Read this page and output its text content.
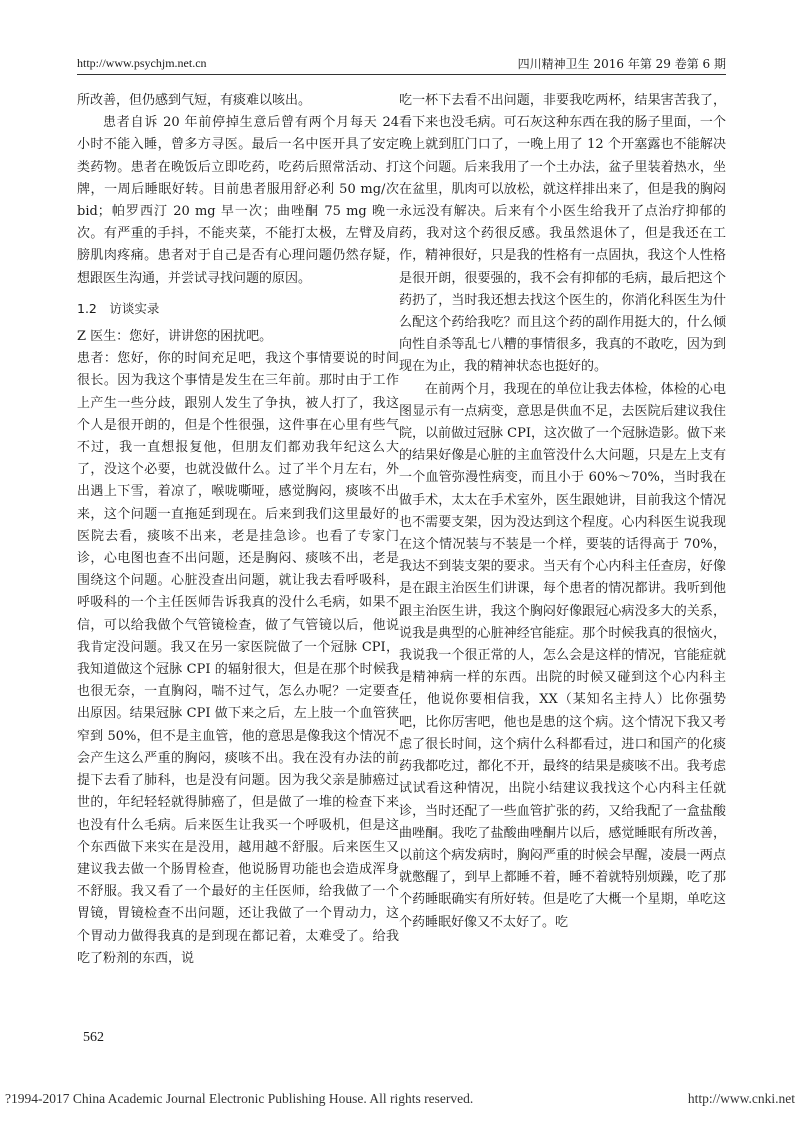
http://www.psychjm.net.cn	四川精神卫生 2016 年第 29 卷第 6 期

所改善，但仍感到气短，有痰难以咳出。

患者自诉 20 年前停掉生意后曾有两个月每天 24 小时不能入睡，曾多方寻医。最后一名中医开具了安定类药物。患者在晚饭后立即吃药，吃药后照常活动、打牌，一周后睡眠好转。目前患者服用舒必利 50 mg/次 bid；帕罗西汀 20 mg 早一次；曲唑酮 75 mg 晚一次。有严重的手抖，不能夹菜，不能打太极，左臂及肩膀肌肉疼痛。患者对于自己是否有心理问题仍然存疑，想跟医生沟通，并尝试寻找问题的原因。

1.2　访谈实录

Z 医生：您好，讲讲您的困扰吧。

患者：您好，你的时间充足吧，我这个事情要说的时间很长。因为我这个事情是发生在三年前。那时由于工作上产生一些分歧，跟别人发生了争执，被人打了，我这个人是很开朗的，但是个性很强，这件事在心里有些气不过，我一直想报复他，但朋友们都劝我年纪这么大了，没这个必要，也就没做什么。过了半个月左右，外出遇上下雪，着凉了，喉咙嘶哑，感觉胸闷，痰咳不出来，这个问题一直拖延到现在。后来到我们这里最好的医院去看，痰咳不出来，老是挂急诊。也看了专家门诊，心电图也查不出问题，还是胸闷、痰咳不出，老是围绕这个问题。心脏没查出问题，就让我去看呼吸科，呼吸科的一个主任医师告诉我真的没什么毛病，如果不信，可以给我做个气管镜检查，做了气管镜以后，他说我肯定没问题。我又在另一家医院做了一个冠脉 CPI，我知道做这个冠脉 CPI 的辐射很大，但是在那个时候我也很无奈，一直胸闷，喘不过气，怎么办呢？一定要查出原因。结果冠脉 CPI 做下来之后，左上肢一个血管狭窄到 50%，但不是主血管，他的意思是像我这个情况不会产生这么严重的胸闷，痰咳不出。我在没有办法的前提下去看了肺科，也是没有问题。因为我父亲是肺癌过世的，年纪轻轻就得肺癌了，但是做了一堆的检查下来也没有什么毛病。后来医生让我买一个呼吸机，但是这个东西做下来实在是没用，越用越不舒服。后来医生又建议我去做一个肠胃检查，他说肠胃功能也会造成浑身不舒服。我又看了一个最好的主任医师，给我做了一个胃镜，胃镜检查不出问题，还让我做了一个胃动力，这个胃动力做得我真的是到现在都记着，太难受了。给我吃了粉剂的东西，说

吃一杯下去看不出问题，非要我吃两杯，结果害苦我了，看下来也没毛病。可石灰这种东西在我的肠子里面，一个晚上就到肛门口了，一晚上用了 12 个开塞露也不能解决这个问题。后来我用了一个土办法，盆子里装着热水，坐在盆里，肌肉可以放松，就这样排出来了，但是我的胸闷永远没有解决。后来有个小医生给我开了点治疗抑郁的药，我对这个药很反感。我虽然退休了，但是我还在工作，精神很好，只是我的性格有一点固执，我这个人性格是很开朗，很要强的，我不会有抑郁的毛病，最后把这个药扔了，当时我还想去找这个医生的，你消化科医生为什么配这个药给我吃？而且这个药的副作用挺大的，什么倾向性自杀等乱七八糟的事情很多，我真的不敢吃，因为到现在为止，我的精神状态也挺好的。

在前两个月，我现在的单位让我去体检，体检的心电图显示有一点病变，意思是供血不足，去医院后建议我住院，以前做过冠脉 CPI，这次做了一个冠脉造影。做下来的结果好像是心脏的主血管没什么大问题，只是左上支有一个血管弥漫性病变，而且小于 60%～70%，当时我在做手术，太太在手术室外，医生跟她讲，目前我这个情况也不需要支架，因为没达到这个程度。心内科医生说我现在这个情况装与不装是一个样，要装的话得高于 70%，我达不到装支架的要求。当天有个心内科主任查房，好像是在跟主治医生们讲课，每个患者的情况都讲。我听到他跟主治医生讲，我这个胸闷好像跟冠心病没多大的关系，说我是典型的心脏神经官能症。那个时候我真的很恼火，我说我一个很正常的人，怎么会是这样的情况，官能症就是精神病一样的东西。出院的时候又碰到这个心内科主任，他说你要相信我，XX（某知名主持人）比你强势吧，比你厉害吧，他也是患的这个病。这个情况下我又考虑了很长时间，这个病什么科都看过，进口和国产的化痰药我都吃过，都化不开，最终的结果是痰咳不出。我考虑试试看这种情况，出院小结建议我找这个心内科主任就诊，当时还配了一些血管扩张的药，又给我配了一盒盐酸曲唑酮。我吃了盐酸曲唑酮片以后，感觉睡眠有所改善，以前这个病发病时，胸闷严重的时候会早醒，凌晨一两点就憋醒了，到早上都睡不着，睡不着就特别烦躁，吃了那个药睡眠确实有所好转。但是吃了大概一个星期，单吃这个药睡眠好像又不太好了。吃

562
?1994-2017 China Academic Journal Electronic Publishing House. All rights reserved.	http://www.cnki.net
